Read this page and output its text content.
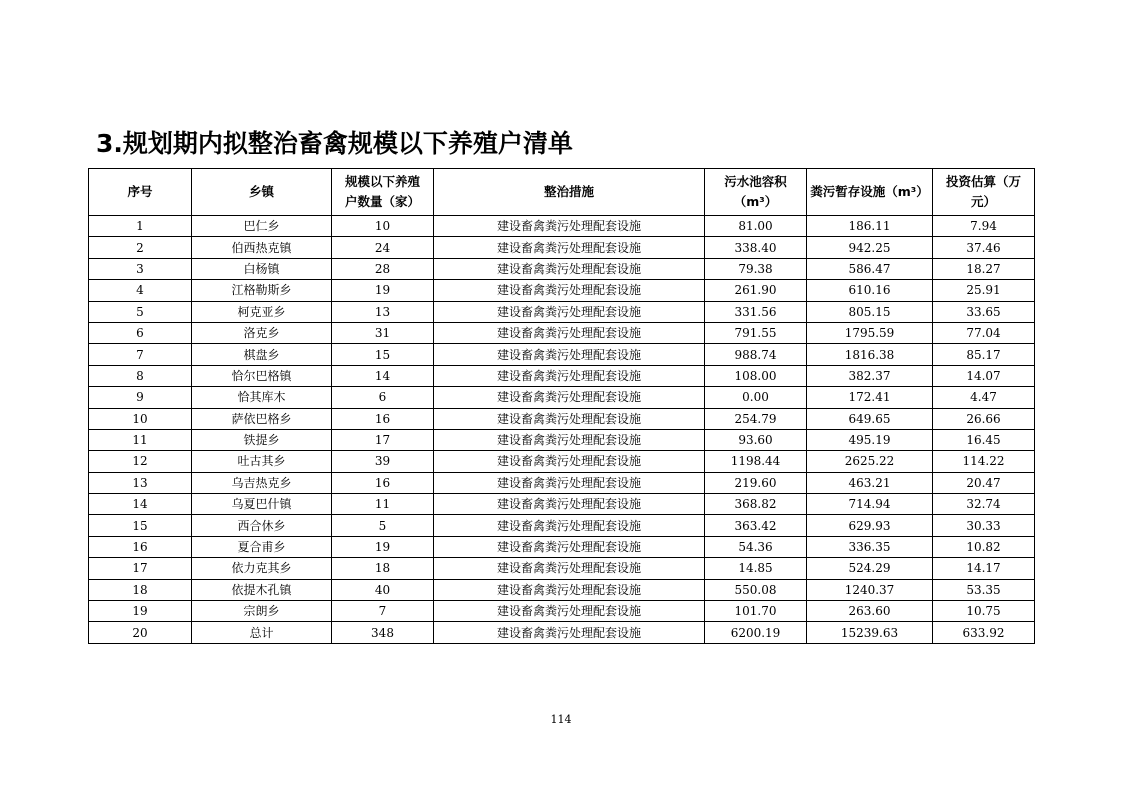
3.规划期内拟整治畜禽规模以下养殖户清单
序号	乡镇	规模以下养殖户数量（家）	整治措施	污水池容积（m³）	粪污暂存设施（m³）	投资估算（万元）
1	巴仁乡	10	建设畜禽粪污处理配套设施	81.00	186.11	7.94
2	伯西热克镇	24	建设畜禽粪污处理配套设施	338.40	942.25	37.46
3	白杨镇	28	建设畜禽粪污处理配套设施	79.38	586.47	18.27
4	江格勒斯乡	19	建设畜禽粪污处理配套设施	261.90	610.16	25.91
5	柯克亚乡	13	建设畜禽粪污处理配套设施	331.56	805.15	33.65
6	洛克乡	31	建设畜禽粪污处理配套设施	791.55	1795.59	77.04
7	棋盘乡	15	建设畜禽粪污处理配套设施	988.74	1816.38	85.17
8	恰尔巴格镇	14	建设畜禽粪污处理配套设施	108.00	382.37	14.07
9	恰其库木	6	建设畜禽粪污处理配套设施	0.00	172.41	4.47
10	萨依巴格乡	16	建设畜禽粪污处理配套设施	254.79	649.65	26.66
11	铁提乡	17	建设畜禽粪污处理配套设施	93.60	495.19	16.45
12	吐古其乡	39	建设畜禽粪污处理配套设施	1198.44	2625.22	114.22
13	乌吉热克乡	16	建设畜禽粪污处理配套设施	219.60	463.21	20.47
14	乌夏巴什镇	11	建设畜禽粪污处理配套设施	368.82	714.94	32.74
15	西合休乡	5	建设畜禽粪污处理配套设施	363.42	629.93	30.33
16	夏合甫乡	19	建设畜禽粪污处理配套设施	54.36	336.35	10.82
17	依力克其乡	18	建设畜禽粪污处理配套设施	14.85	524.29	14.17
18	依提木孔镇	40	建设畜禽粪污处理配套设施	550.08	1240.37	53.35
19	宗朗乡	7	建设畜禽粪污处理配套设施	101.70	263.60	10.75
20	总计	348	建设畜禽粪污处理配套设施	6200.19	15239.63	633.92
114
